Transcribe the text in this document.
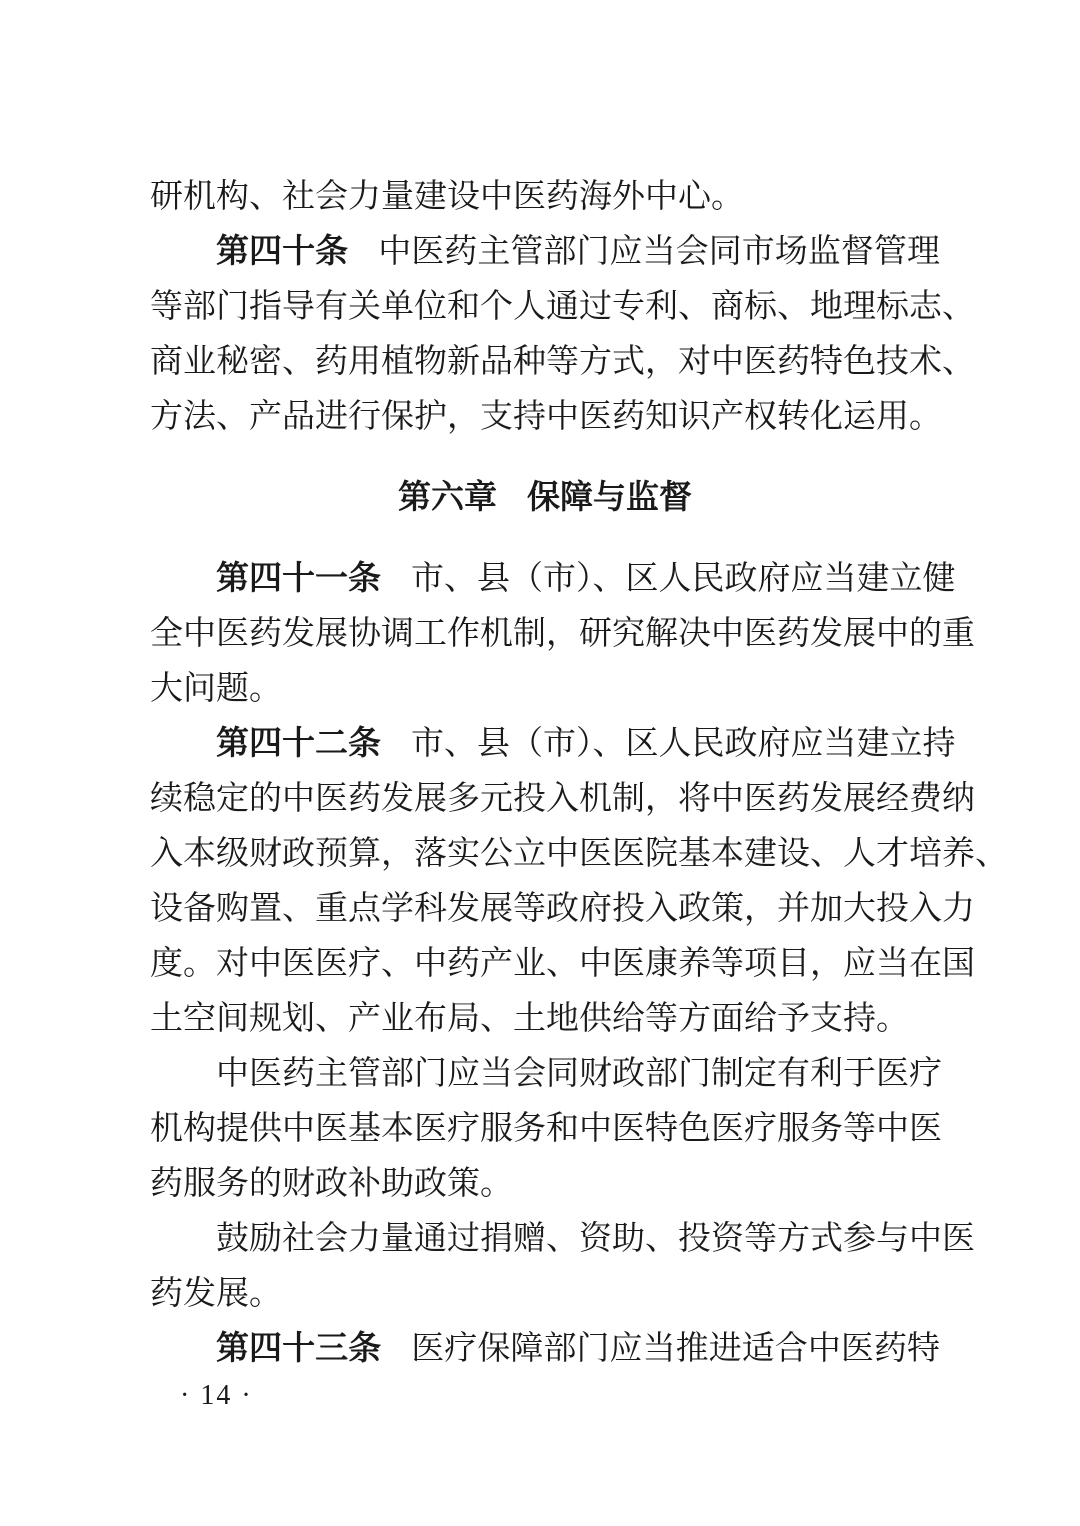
研机构、社会力量建设中医药海外中心。
第四十条 中医药主管部门应当会同市场监督管理
等部门指导有关单位和个人通过专利、商标、地理标志、
商业秘密、药用植物新品种等方式，对中医药特色技术、
方法、产品进行保护，支持中医药知识产权转化运用。
第六章 保障与监督
第四十一条 市、县（市）、区人民政府应当建立健
全中医药发展协调工作机制，研究解决中医药发展中的重
大问题。
第四十二条 市、县（市）、区人民政府应当建立持
续稳定的中医药发展多元投入机制，将中医药发展经费纳
入本级财政预算，落实公立中医医院基本建设、人才培养、
设备购置、重点学科发展等政府投入政策，并加大投入力
度。对中医医疗、中药产业、中医康养等项目，应当在国
土空间规划、产业布局、土地供给等方面给予支持。
中医药主管部门应当会同财政部门制定有利于医疗
机构提供中医基本医疗服务和中医特色医疗服务等中医
药服务的财政补助政策。
鼓励社会力量通过捐赠、资助、投资等方式参与中医
药发展。
第四十三条 医疗保障部门应当推进适合中医药特
· 14 ·
